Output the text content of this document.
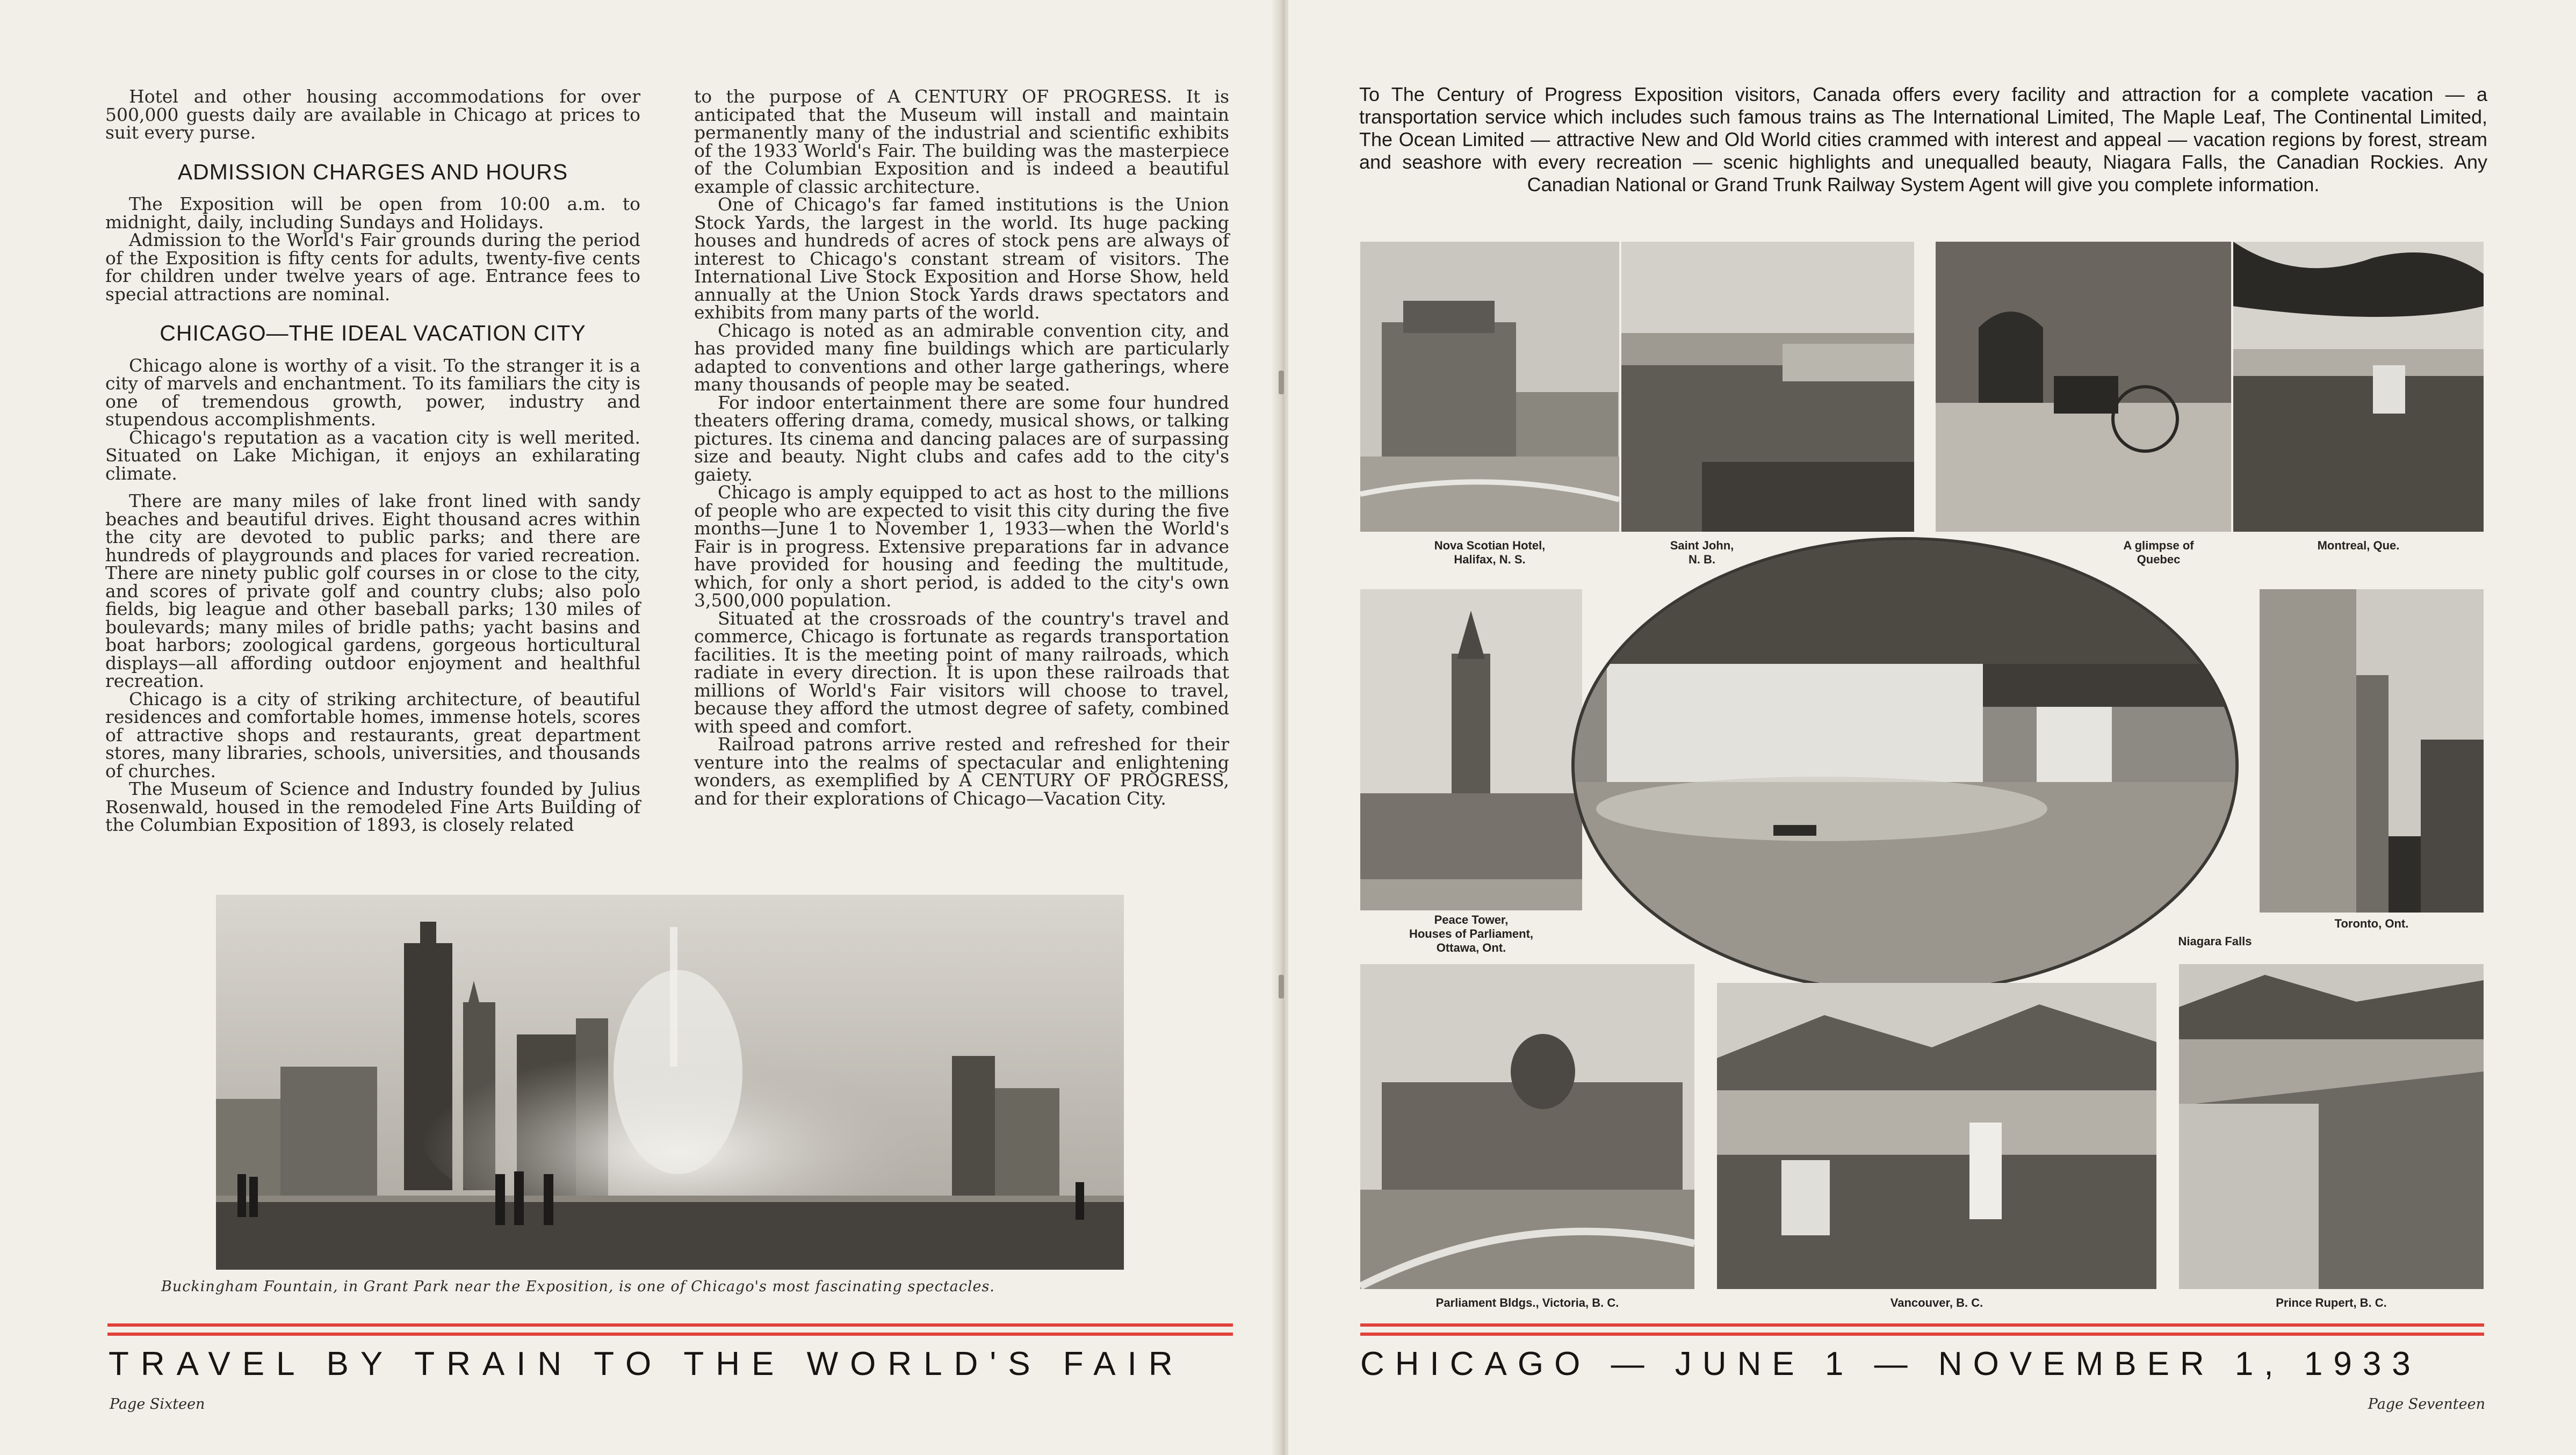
Hotel and other housing accommodations for over 500,000 guests daily are available in Chicago at prices to suit every purse.

ADMISSION CHARGES AND HOURS

The Exposition will be open from 10:00 a.m. to midnight, daily, including Sundays and Holidays.

Admission to the World's Fair grounds during the period of the Exposition is fifty cents for adults, twenty-five cents for children under twelve years of age. Entrance fees to special attractions are nominal.

CHICAGO—THE IDEAL VACATION CITY

Chicago alone is worthy of a visit. To the stranger it is a city of marvels and enchantment. To its familiars the city is one of tremendous growth, power, industry and stupendous accomplishments.

Chicago's reputation as a vacation city is well merited. Situated on Lake Michigan, it enjoys an exhilarating climate.

There are many miles of lake front lined with sandy beaches and beautiful drives. Eight thousand acres within the city are devoted to public parks; and there are hundreds of playgrounds and places for varied recreation. There are ninety public golf courses in or close to the city, and scores of private golf and country clubs; also polo fields, big league and other baseball parks; 130 miles of boulevards; many miles of bridle paths; yacht basins and boat harbors; zoological gardens, gorgeous horticultural displays—all affording outdoor enjoyment and healthful recreation.

Chicago is a city of striking architecture, of beautiful residences and comfortable homes, immense hotels, scores of attractive shops and restaurants, great department stores, many libraries, schools, universities, and thousands of churches.

The Museum of Science and Industry founded by Julius Rosenwald, housed in the remodeled Fine Arts Building of the Columbian Exposition of 1893, is closely related

to the purpose of A CENTURY OF PROGRESS. It is anticipated that the Museum will install and maintain permanently many of the industrial and scientific exhibits of the 1933 World's Fair. The building was the masterpiece of the Columbian Exposition and is indeed a beautiful example of classic architecture.

One of Chicago's far famed institutions is the Union Stock Yards, the largest in the world. Its huge packing houses and hundreds of acres of stock pens are always of interest to Chicago's constant stream of visitors. The International Live Stock Exposition and Horse Show, held annually at the Union Stock Yards draws spectators and exhibits from many parts of the world.

Chicago is noted as an admirable convention city, and has provided many fine buildings which are particularly adapted to conventions and other large gatherings, where many thousands of people may be seated.

For indoor entertainment there are some four hundred theaters offering drama, comedy, musical shows, or talking pictures. Its cinema and dancing palaces are of surpassing size and beauty. Night clubs and cafes add to the city's gaiety.

Chicago is amply equipped to act as host to the millions of people who are expected to visit this city during the five months—June 1 to November 1, 1933—when the World's Fair is in progress. Extensive preparations far in advance have provided for housing and feeding the multitude, which, for only a short period, is added to the city's own 3,500,000 population.

Situated at the crossroads of the country's travel and commerce, Chicago is fortunate as regards transportation facilities. It is the meeting point of many railroads, which radiate in every direction. It is upon these railroads that millions of World's Fair visitors will choose to travel, because they afford the utmost degree of safety, combined with speed and comfort.

Railroad patrons arrive rested and refreshed for their venture into the realms of spectacular and enlightening wonders, as exemplified by A CENTURY OF PROGRESS, and for their explorations of Chicago—Vacation City.

Buckingham Fountain, in Grant Park near the Exposition, is one of Chicago's most fascinating spectacles.
TRAVEL BY TRAIN TO THE WORLD'S FAIR
Page Sixteen
To The Century of Progress Exposition visitors, Canada offers every facility and attraction for a complete vacation — a transportation service which includes such famous trains as The International Limited, The Maple Leaf, The Continental Limited, The Ocean Limited — attractive New and Old World cities crammed with interest and appeal — vacation regions by forest, stream and seashore with every recreation — scenic highlights and unequalled beauty, Niagara Falls, the Canadian Rockies. Any Canadian National or Grand Trunk Railway System Agent will give you complete information.
Nova Scotian Hotel,
Halifax, N. S.
Saint John,
N. B.
A glimpse of
Quebec
Montreal, Que.
Peace Tower,
Houses of Parliament,
Ottawa, Ont.	Niagara Falls
Toronto, Ont.
Parliament Bldgs., Victoria, B. C.	Vancouver, B. C.	Prince Rupert, B. C.
CHICAGO — JUNE 1 — NOVEMBER 1, 1933
Page Seventeen
